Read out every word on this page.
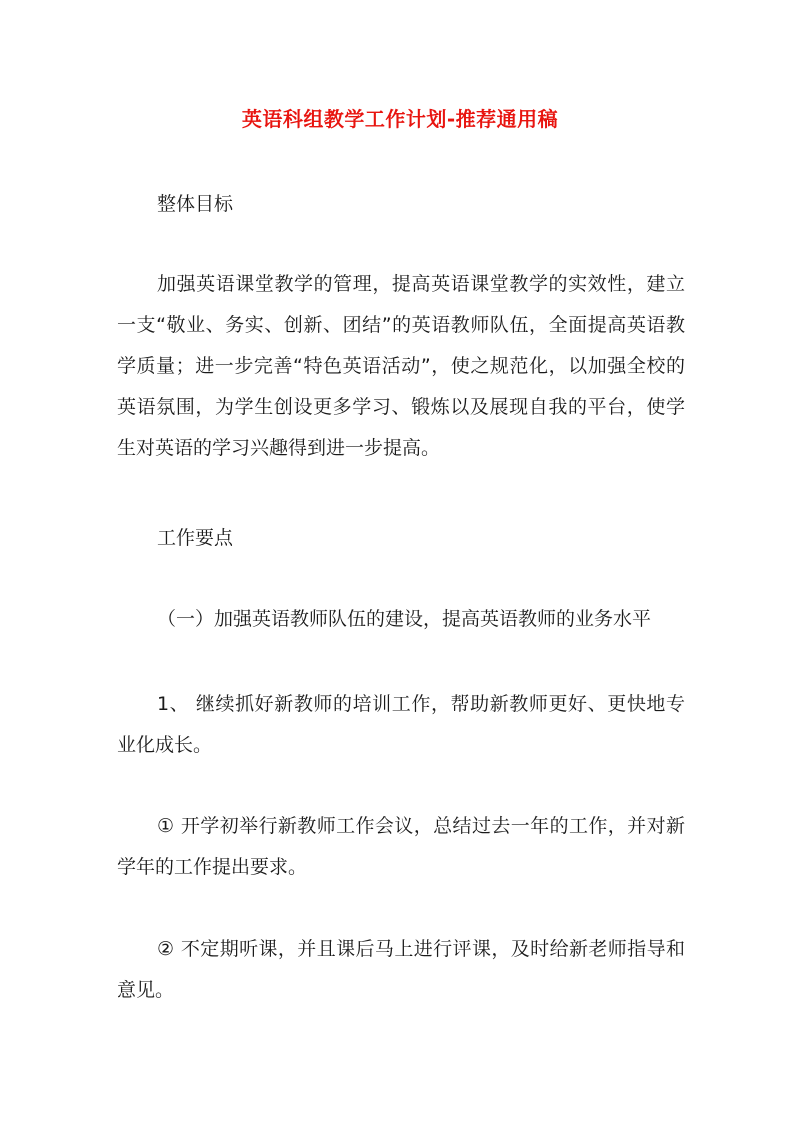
英语科组教学工作计划-推荐通用稿
整体目标

加强英语课堂教学的管理，提高英语课堂教学的实效性，建立一支“敬业、务实、创新、团结”的英语教师队伍，全面提高英语教学质量；进一步完善“特色英语活动”，使之规范化，以加强全校的英语氛围，为学生创设更多学习、锻炼以及展现自我的平台，使学生对英语的学习兴趣得到进一步提高。

工作要点
（一）加强英语教师队伍的建设，提高英语教师的业务水平

1、 继续抓好新教师的培训工作，帮助新教师更好、更快地专业化成长。

① 开学初举行新教师工作会议，总结过去一年的工作，并对新学年的工作提出要求。

② 不定期听课，并且课后马上进行评课，及时给新老师指导和意见。
